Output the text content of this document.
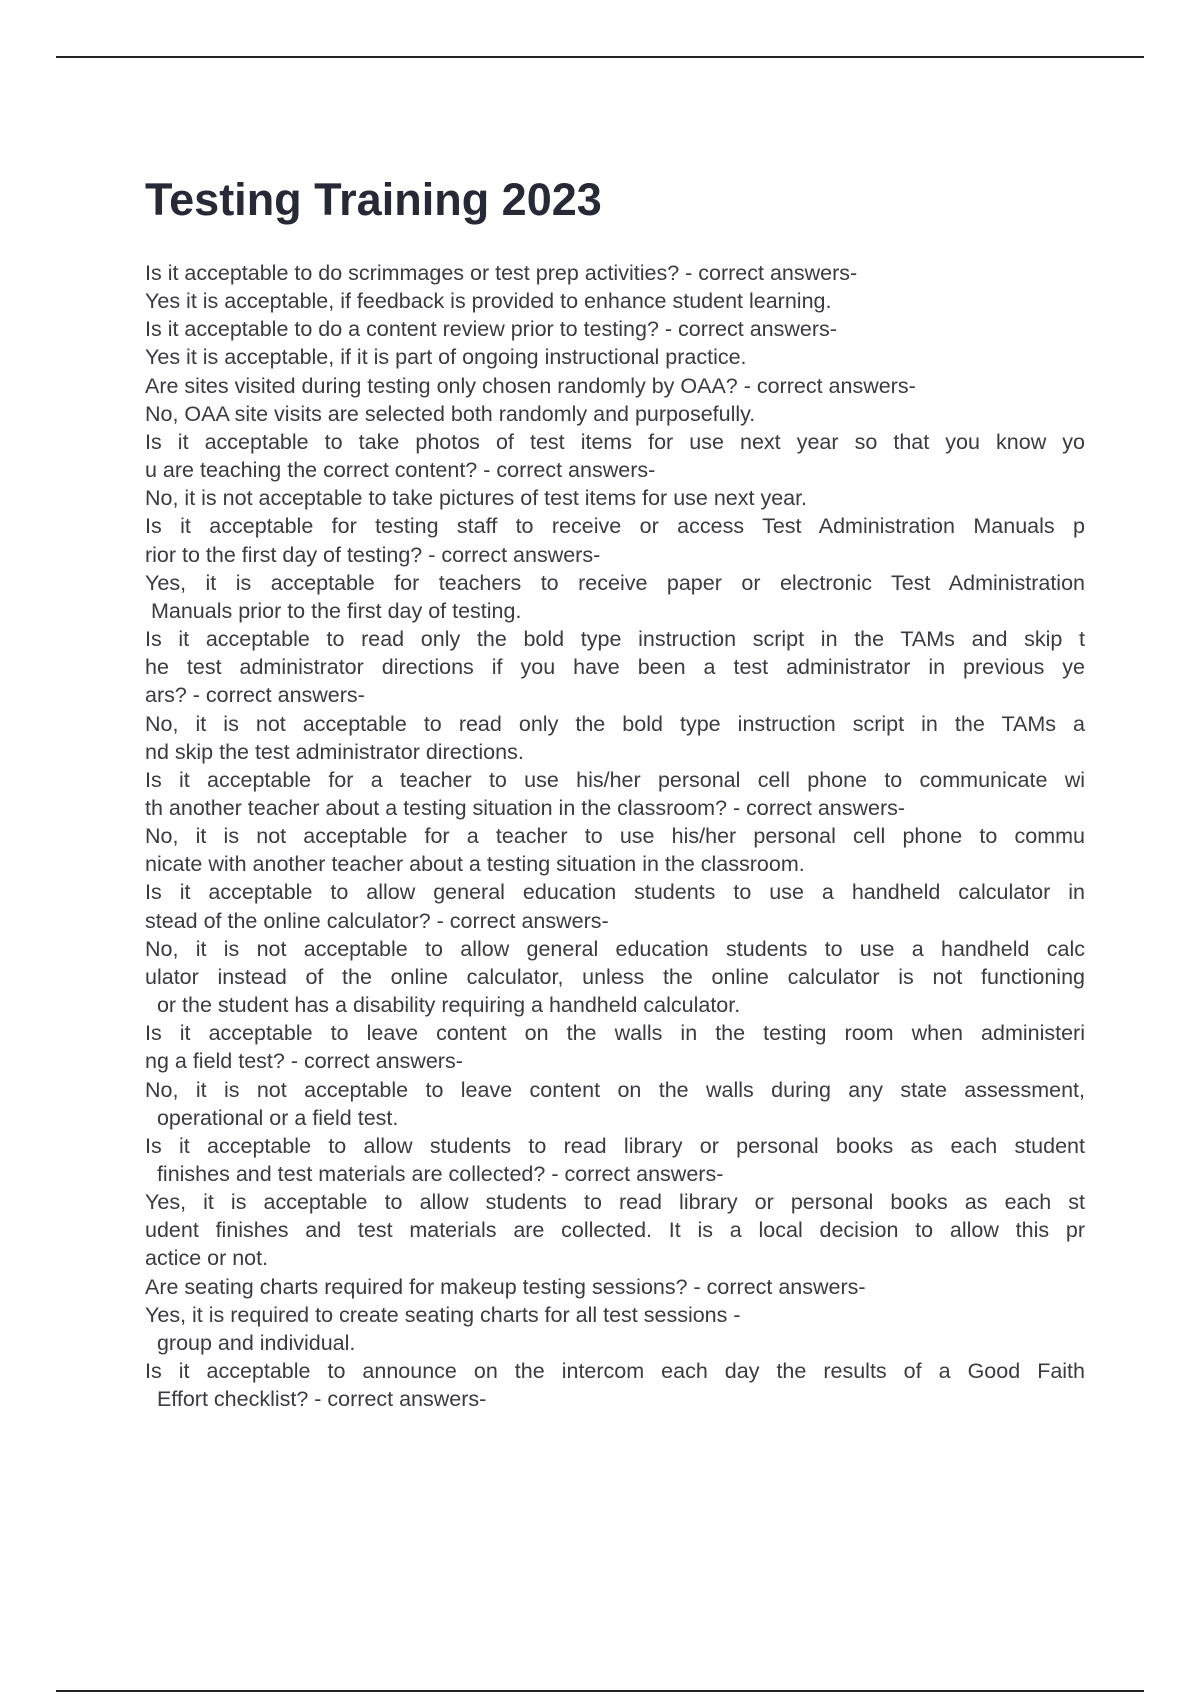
Testing Training 2023
Is it acceptable to do scrimmages or test prep activities? - correct answers-
Yes it is acceptable, if feedback is provided to enhance student learning.
Is it acceptable to do a content review prior to testing? - correct answers-
Yes it is acceptable, if it is part of ongoing instructional practice.
Are sites visited during testing only chosen randomly by OAA? - correct answers-
No, OAA site visits are selected both randomly and purposefully.
Is it acceptable to take photos of test items for use next year so that you know yo
u are teaching the correct content? - correct answers-
No, it is not acceptable to take pictures of test items for use next year.
Is it acceptable for testing staff to receive or access Test Administration Manuals p
rior to the first day of testing? - correct answers-
Yes, it is acceptable for teachers to receive paper or electronic Test Administration
Manuals prior to the first day of testing.
Is it acceptable to read only the bold type instruction script in the TAMs and skip t
he test administrator directions if you have been a test administrator in previous ye
ars? - correct answers-
No, it is not acceptable to read only the bold type instruction script in the TAMs a
nd skip the test administrator directions.
Is it acceptable for a teacher to use his/her personal cell phone to communicate wi
th another teacher about a testing situation in the classroom? - correct answers-
No, it is not acceptable for a teacher to use his/her personal cell phone to commu
nicate with another teacher about a testing situation in the classroom.
Is it acceptable to allow general education students to use a handheld calculator in
stead of the online calculator? - correct answers-
No, it is not acceptable to allow general education students to use a handheld calc
ulator instead of the online calculator, unless the online calculator is not functioning
or the student has a disability requiring a handheld calculator.
Is it acceptable to leave content on the walls in the testing room when administeri
ng a field test? - correct answers-
No, it is not acceptable to leave content on the walls during any state assessment,
operational or a field test.
Is it acceptable to allow students to read library or personal books as each student
finishes and test materials are collected? - correct answers-
Yes, it is acceptable to allow students to read library or personal books as each st
udent finishes and test materials are collected. It is a local decision to allow this pr
actice or not.
Are seating charts required for makeup testing sessions? - correct answers-
Yes, it is required to create seating charts for all test sessions -
group and individual.
Is it acceptable to announce on the intercom each day the results of a Good Faith
Effort checklist? - correct answers-
